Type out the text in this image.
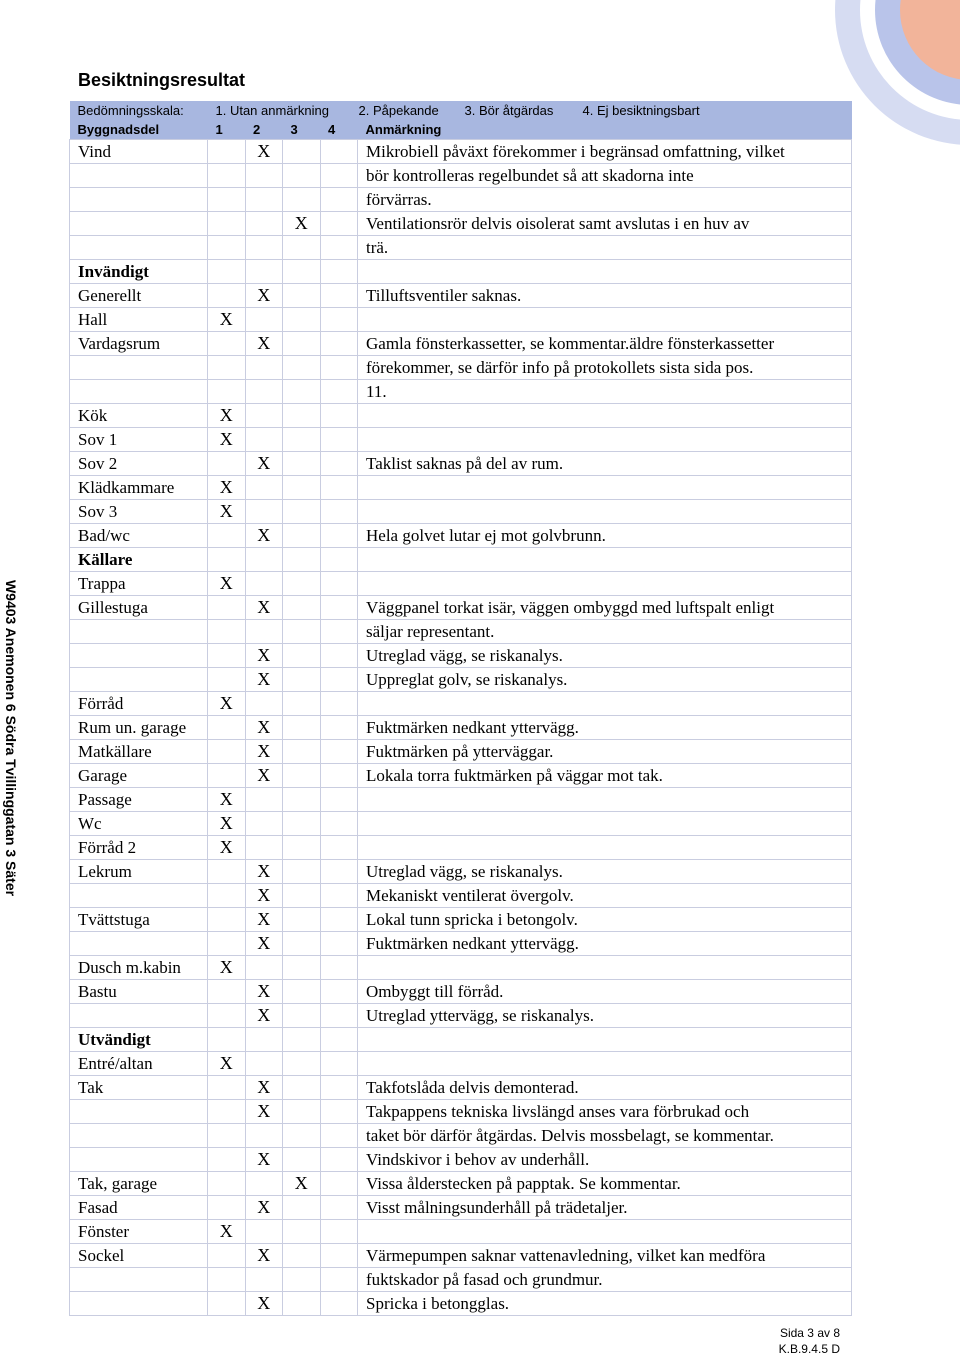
W9403 Anemonen 6 Södra Tvillinggatan 3 Säter
Besiktningsresultat
Bedömningsskala:	1. Utan anmärkning 2. Påpekande 3. Bör åtgärdas 4. Ej besiktningsbart				

Byggnadsdel	1	2	3	4	Anmärkning
Vind		X			Mikrobiell påväxt förekommer i begränsad omfattning, vilket
					bör kontrolleras regelbundet så att skadorna inte
					förvärras.
			X		Ventilationsrör delvis oisolerat samt avslutas i en huv av
					trä.
Invändigt					
Generellt		X			Tilluftsventiler saknas.
Hall	X				
Vardagsrum		X			Gamla fönsterkassetter, se kommentar.äldre fönsterkassetter
					förekommer, se därför info på protokollets sista sida pos.
					11.
Kök	X				
Sov 1	X				
Sov 2		X			Taklist saknas på del av rum.
Klädkammare	X				
Sov 3	X				
Bad/wc		X			Hela golvet lutar ej mot golvbrunn.
Källare					
Trappa	X				
Gillestuga		X			Väggpanel torkat isär, väggen ombyggd med luftspalt enligt
					säljar representant.
		X			Utreglad vägg, se riskanalys.
		X			Uppreglat golv, se riskanalys.
Förråd	X				
Rum un. garage		X			Fuktmärken nedkant yttervägg.
Matkällare		X			Fuktmärken på ytterväggar.
Garage		X			Lokala torra fuktmärken på väggar mot tak.
Passage	X				
Wc	X				
Förråd 2	X				
Lekrum		X			Utreglad vägg, se riskanalys.
		X			Mekaniskt ventilerat övergolv.
Tvättstuga		X			Lokal tunn spricka i betongolv.
		X			Fuktmärken nedkant yttervägg.
Dusch m.kabin	X				
Bastu		X			Ombyggt till förråd.
		X			Utreglad yttervägg, se riskanalys.
Utvändigt					
Entré/altan	X				
Tak		X			Takfotslåda delvis demonterad.
		X			Takpappens tekniska livslängd anses vara förbrukad och
					taket bör därför åtgärdas. Delvis mossbelagt, se kommentar.
		X			Vindskivor i behov av underhåll.
Tak, garage			X		Vissa ålderstecken på papptak. Se kommentar.
Fasad		X			Visst målningsunderhåll på trädetaljer.
Fönster	X				
Sockel		X			Värmepumpen saknar vattenavledning, vilket kan medföra
					fuktskador på fasad och grundmur.
		X			Spricka i betongglas.
Sida 3 av 8
K.B.9.4.5 D
